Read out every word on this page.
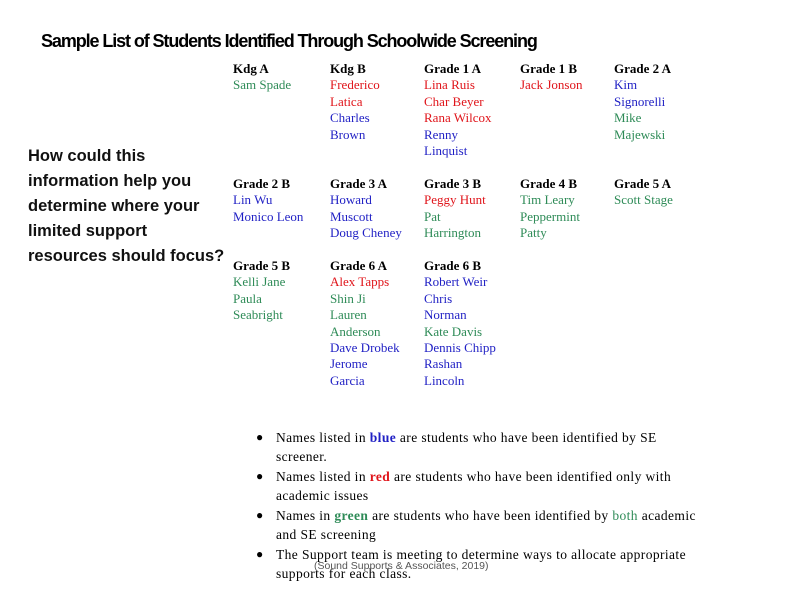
Sample List of Students Identified Through Schoolwide Screening
How could this information help you determine where your limited support resources should focus?
Kdg A
Sam Spade
Kdg B
Frederico
Latica
Charles
Brown
Grade 1 A
Lina Ruis
Char Beyer
Rana Wilcox
Renny
Linquist
Grade 1 B
Jack Jonson
Grade 2 A
Kim
Signorelli
Mike
Majewski
Grade 2 B
Lin Wu
Monico Leon
Grade 3 A
Howard
Muscott
Doug Cheney
Grade 3 B
Peggy Hunt
Pat
Harrington
Grade 4 B
Tim Leary
Peppermint
Patty
Grade 5 A
Scott Stage
Grade 5 B
Kelli Jane
Paula
Seabright
Grade 6 A
Alex Tapps
Shin Ji
Lauren
Anderson
Dave Drobek
Jerome
Garcia
Grade 6 B
Robert Weir
Chris
Norman
Kate Davis
Dennis Chipp
Rashan
Lincoln
● Names listed in blue are students who have been identified by SE screener.
● Names listed in red are students who have been identified only with academic issues
● Names in green are students who have been identified by both academic and SE screening
● The Support team is meeting to determine ways to allocate appropriate supports for each class.
(Sound Supports & Associates, 2019)
